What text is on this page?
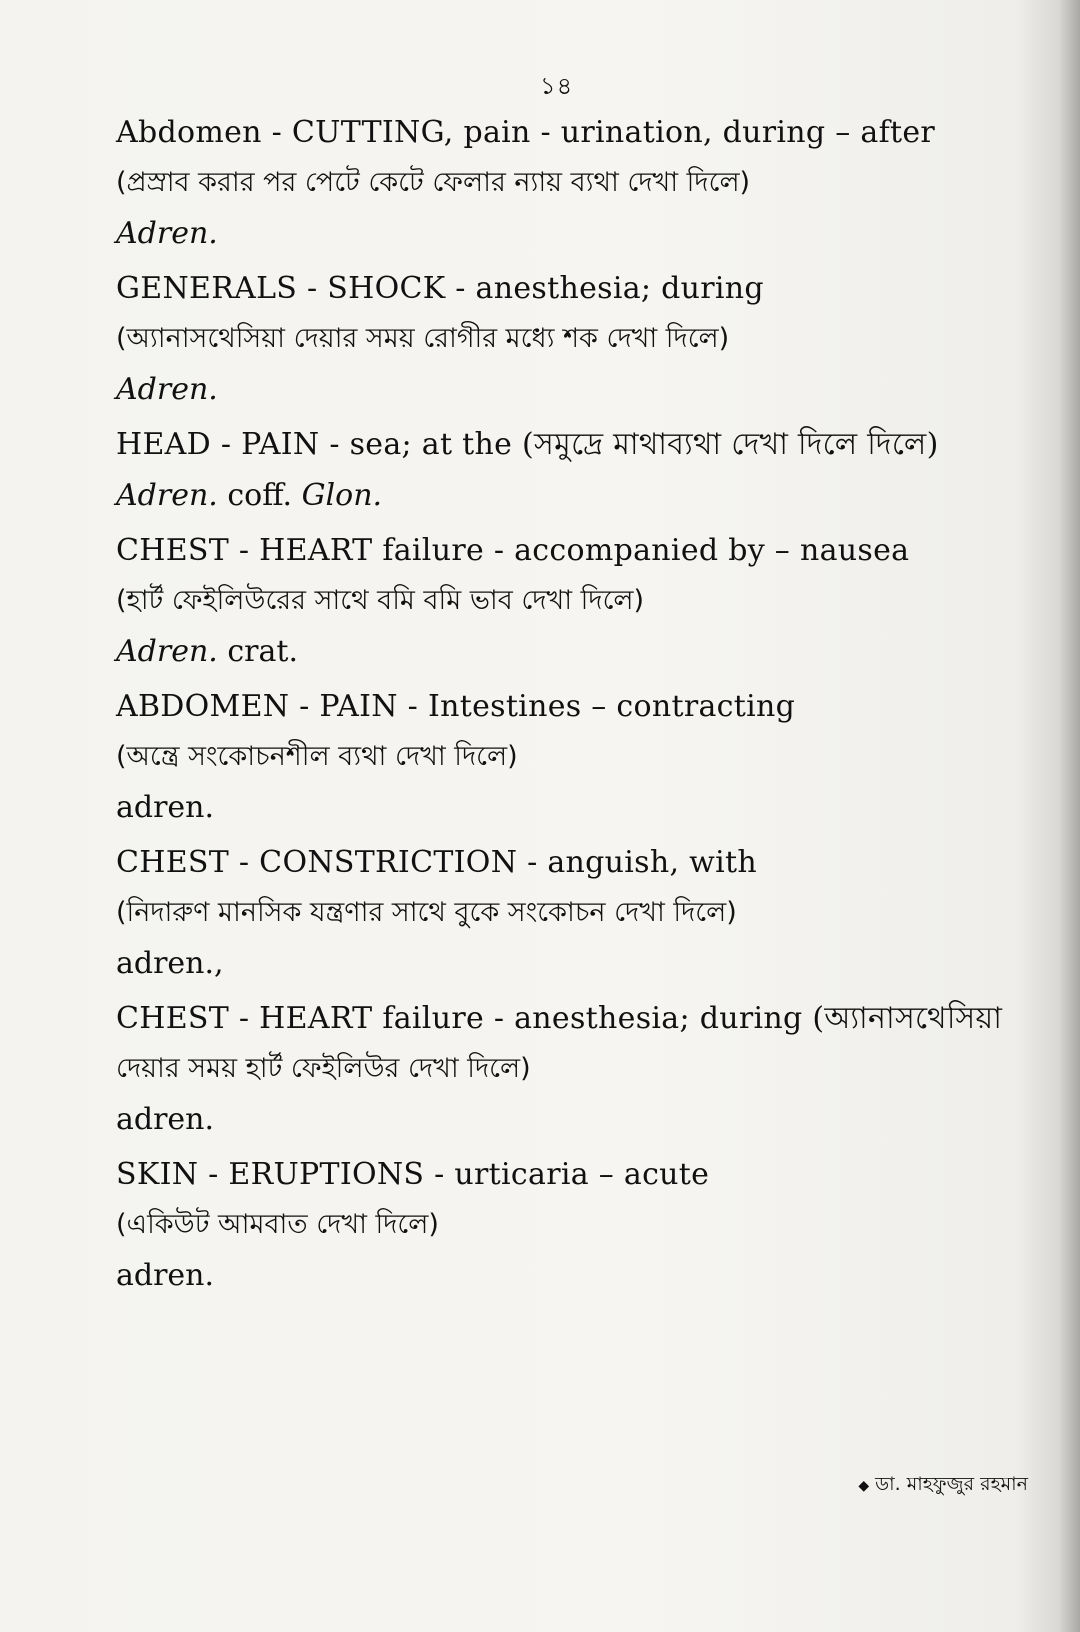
১৪

Abdomen - CUTTING, pain - urination, during – after

(প্রস্রাব করার পর পেটে কেটে ফেলার ন্যায় ব্যথা দেখা দিলে)

Adren.

GENERALS - SHOCK - anesthesia; during

(অ্যানাসথেসিয়া দেয়ার সময় রোগীর মধ্যে শক দেখা দিলে)

Adren.

HEAD - PAIN - sea; at the (সমুদ্রে মাথাব্যথা দেখা দিলে দিলে)

Adren. coff. Glon.

CHEST - HEART failure - accompanied by – nausea

(হার্ট ফেইলিউরের সাথে বমি বমি ভাব দেখা দিলে)

Adren. crat.

ABDOMEN - PAIN - Intestines – contracting

(অন্ত্রে সংকোচনশীল ব্যথা দেখা দিলে)

adren.

CHEST - CONSTRICTION - anguish, with

(নিদারুণ মানসিক যন্ত্রণার সাথে বুকে সংকোচন দেখা দিলে)

adren.,

CHEST - HEART failure - anesthesia; during (অ্যানাসথেসিয়া

দেয়ার সময় হার্ট ফেইলিউর দেখা দিলে)

adren.

SKIN - ERUPTIONS - urticaria – acute

(একিউট আমবাত দেখা দিলে)

adren.

◆ ডা. মাহফুজুর রহমান
